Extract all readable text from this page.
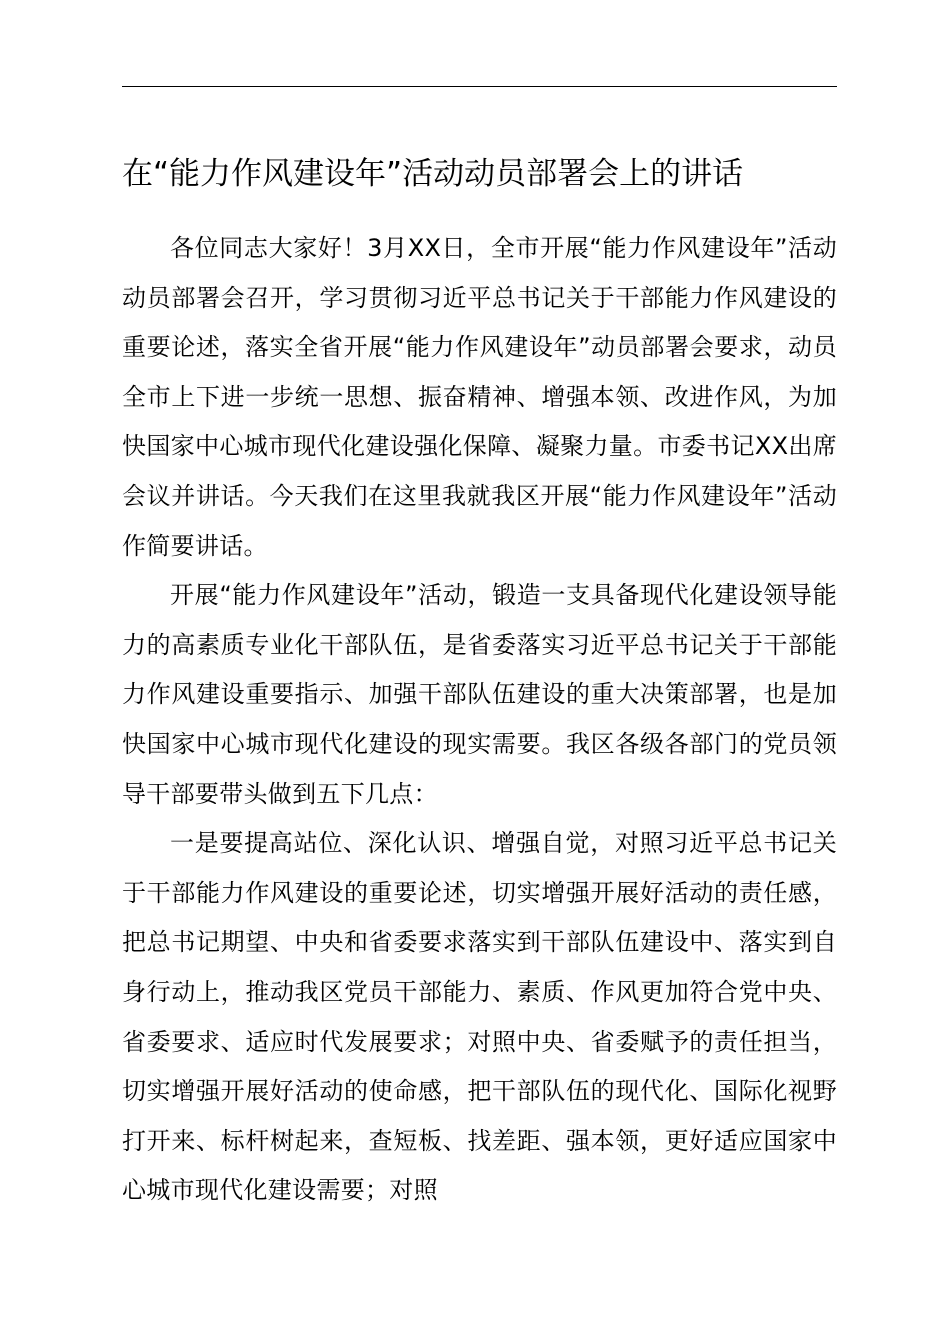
在“能力作风建设年”活动动员部署会上的讲话

各位同志大家好！3月XX日，全市开展“能力作风建设年”活动动员部署会召开，学习贯彻习近平总书记关于干部能力作风建设的重要论述，落实全省开展“能力作风建设年”动员部署会要求，动员全市上下进一步统一思想、振奋精神、增强本领、改进作风，为加快国家中心城市现代化建设强化保障、凝聚力量。市委书记XX出席会议并讲话。今天我们在这里我就我区开展“能力作风建设年”活动作简要讲话。

开展“能力作风建设年”活动，锻造一支具备现代化建设领导能力的高素质专业化干部队伍，是省委落实习近平总书记关于干部能力作风建设重要指示、加强干部队伍建设的重大决策部署，也是加快国家中心城市现代化建设的现实需要。我区各级各部门的党员领导干部要带头做到五下几点：

一是要提高站位、深化认识、增强自觉，对照习近平总书记关于干部能力作风建设的重要论述，切实增强开展好活动的责任感，把总书记期望、中央和省委要求落实到干部队伍建设中、落实到自身行动上，推动我区党员干部能力、素质、作风更加符合党中央、省委要求、适应时代发展要求；对照中央、省委赋予的责任担当，切实增强开展好活动的使命感，把干部队伍的现代化、国际化视野打开来、标杆树起来，查短板、找差距、强本领，更好适应国家中心城市现代化建设需要；对照
